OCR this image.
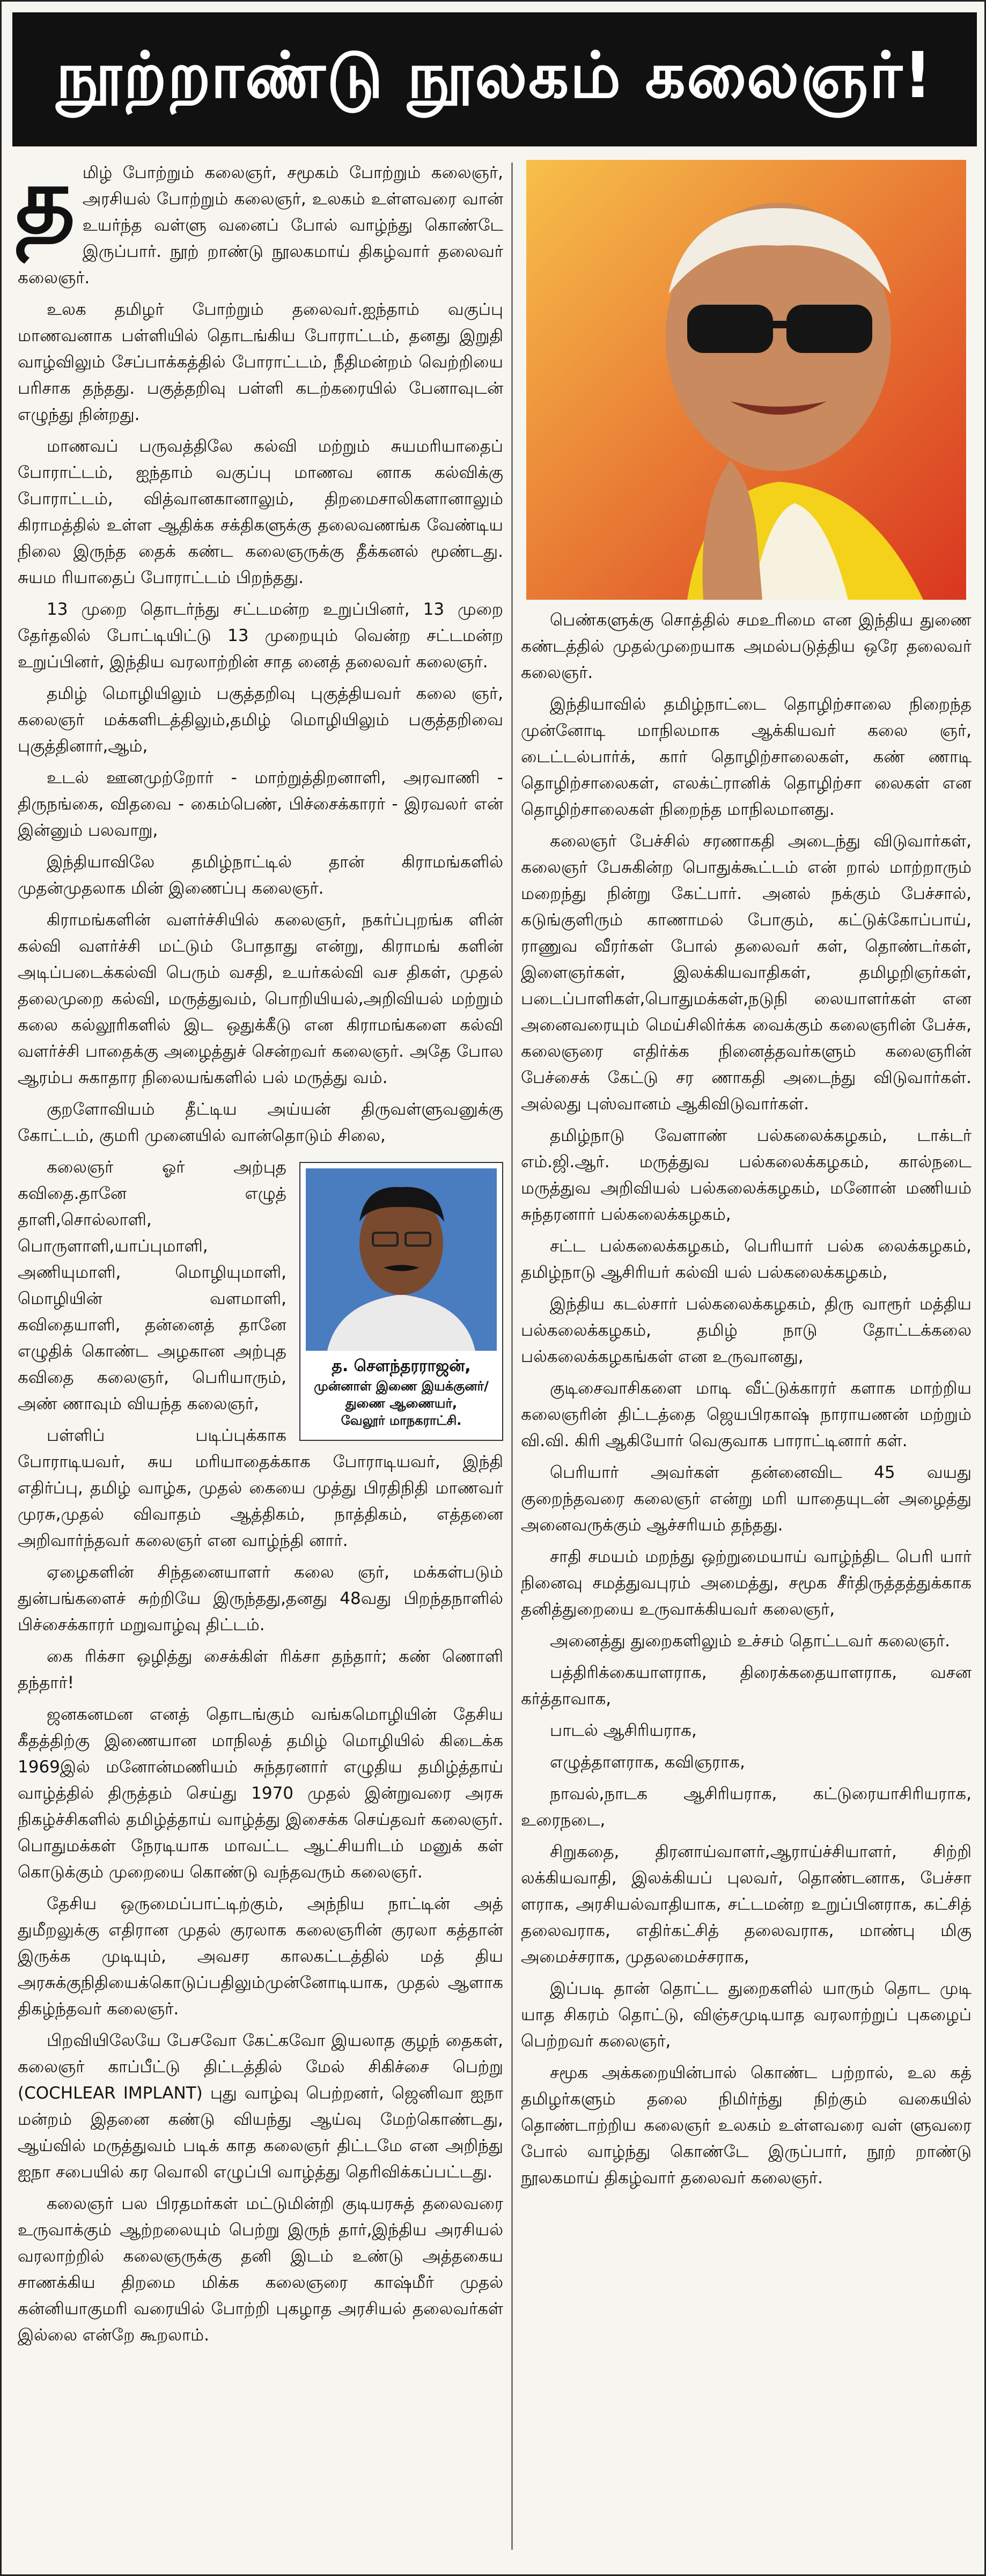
நூற்றாண்டு நூலகம் கலைஞர்!

தமிழ் போற்றும் கலைஞர், சமூகம் போற்றும் கலைஞர், அரசியல் போற்றும் கலைஞர், உலகம் உள்ளவரை வான் உயர்ந்த வள்ளு வனைப் போல் வாழ்ந்து கொண்டே இருப்பார். நூற் றாண்டு நூலகமாய் திகழ்வார் தலைவர் கலைஞர்.

உலக தமிழர் போற்றும் தலைவர்.ஐந்தாம் வகுப்பு மாணவனாக பள்ளியில் தொடங்கிய போராட்டம், தனது இறுதி வாழ்விலும் சேப்பாக்கத்தில் போராட்டம், நீதிமன்றம் வெற்றியை பரிசாக தந்தது. பகுத்தறிவு பள்ளி கடற்கரையில் பேனாவுடன் எழுந்து நின்றது.

மாணவப் பருவத்திலே கல்வி மற்றும் சுயமரியாதைப் போராட்டம், ஐந்தாம் வகுப்பு மாணவ னாக கல்விக்கு போராட்டம், வித்வானகானாலும், திறமைசாலிகளானாலும் கிராமத்தில் உள்ள ஆதிக்க சக்திகளுக்கு தலைவணங்க வேண்டிய நிலை இருந்த தைக் கண்ட கலைஞருக்கு தீக்கனல் மூண்டது. சுயம ரியாதைப் போராட்டம் பிறந்தது.

13 முறை தொடர்ந்து சட்டமன்ற உறுப்பினர், 13 முறை தேர்தலில் போட்டியிட்டு 13 முறையும் வென்ற சட்டமன்ற உறுப்பினர், இந்திய வரலாற்றின் சாத னைத் தலைவர் கலைஞர்.

தமிழ் மொழியிலும் பகுத்தறிவு புகுத்தியவர் கலை ஞர், கலைஞர் மக்களிடத்திலும்,தமிழ் மொழியிலும் பகுத்தறிவை புகுத்தினார்,ஆம்,

உடல் ஊனமுற்றோர் - மாற்றுத்திறனாளி, அரவாணி - திருநங்கை, விதவை - கைம்பெண், பிச்சைக்காரர் - இரவலர் என் இன்னும் பலவாறு,

இந்தியாவிலே தமிழ்நாட்டில் தான் கிராமங்களில் முதன்முதலாக மின் இணைப்பு கலைஞர்.

கிராமங்களின் வளர்ச்சியில் கலைஞர், நகர்ப்புறங்க ளின் கல்வி வளர்ச்சி மட்டும் போதாது என்று, கிராமங் களின் அடிப்படைக்கல்வி பெரும் வசதி, உயர்கல்வி வச திகள், முதல் தலைமுறை கல்வி, மருத்துவம், பொறியியல்,அறிவியல் மற்றும் கலை கல்லூரிகளில் இட ஒதுக்கீடு என கிராமங்களை கல்வி வளர்ச்சி பாதைக்கு அழைத்துச் சென்றவர் கலைஞர். அதே போல ஆரம்ப சுகாதார நிலையங்களில் பல் மருத்து வம்.

குறளோவியம் தீட்டிய அய்யன் திருவள்ளுவனுக்கு கோட்டம், குமரி முனையில் வான்தொடும் சிலை,

த. சௌந்தரராஜன்,
முன்னாள் இணை இயக்குனர்/ துணை ஆணையர்,
வேலூர் மாநகராட்சி.

கலைஞர் ஓர் அற்புத கவிதை.தானே எழுத் தாளி,சொல்லாளி, பொருளாளி,யாப்புமாளி, அணியுமாளி, மொழியுமாளி, மொழியின் வளமாளி, கவிதையாளி, தன்னைத் தானே எழுதிக் கொண்ட அழகான அற்புத கவிதை கலைஞர், பெரியாரும், அண் ணாவும் வியந்த கலைஞர்,

பள்ளிப் படிப்புக்காக போராடியவர், சுய மரியாதைக்காக போராடியவர், இந்தி எதிர்ப்பு, தமிழ் வாழ்க, முதல் கையை முத்து பிரதிநிதி மாணவர் முரசு,முதல் விவாதம் ஆத்திகம், நாத்திகம், எத்தனை அறிவார்ந்தவர் கலைஞர் என வாழ்ந்தி னார்.

ஏழைகளின் சிந்தனையாளர் கலை ஞர், மக்கள்படும் துன்பங்களைச் சுற்றியே இருந்தது,தனது 48வது பிறந்தநாளில் பிச்சைக்காரர் மறுவாழ்வு திட்டம்.

கை ரிக்சா ஒழித்து சைக்கிள் ரிக்சா தந்தார்; கண் ணொளி தந்தார்!

ஜனகனமன எனத் தொடங்கும் வங்கமொழியின் தேசிய கீதத்திற்கு இணையான மாநிலத் தமிழ் மொழியில் கிடைக்க 1969இல் மனோன்மணியம் சுந்தரனார் எழுதிய தமிழ்த்தாய் வாழ்த்தில் திருத்தம் செய்து 1970 முதல் இன்றுவரை அரசு நிகழ்ச்சிகளில் தமிழ்த்தாய் வாழ்த்து இசைக்க செய்தவர் கலைஞர். பொதுமக்கள் நேரடியாக மாவட்ட ஆட்சியரிடம் மனுக் கள் கொடுக்கும் முறையை கொண்டு வந்தவரும் கலைஞர்.

தேசிய ஒருமைப்பாட்டிற்கும், அந்நிய நாட்டின் அத் துமீறலுக்கு எதிரான முதல் குரலாக கலைஞரின் குரலா கத்தான் இருக்க முடியும், அவசர காலகட்டத்தில் மத் திய அரசுக்குநிதியைக்கொடுப்பதிலும்முன்னோடியாக, முதல் ஆளாக திகழ்ந்தவர் கலைஞர்.

பிறவியிலேயே பேசவோ கேட்கவோ இயலாத குழந் தைகள், கலைஞர் காப்பீட்டு திட்டத்தில் மேல் சிகிச்சை பெற்று (COCHLEAR IMPLANT) புது வாழ்வு பெற்றனர், ஜெனிவா ஐநா மன்றம் இதனை கண்டு வியந்து ஆய்வு மேற்கொண்டது, ஆய்வில் மருத்துவம் படிக் காத கலைஞர் திட்டமே என அறிந்து ஐநா சபையில் கர வொலி எழுப்பி வாழ்த்து தெரிவிக்கப்பட்டது.

கலைஞர் பல பிரதமர்கள் மட்டுமின்றி குடியரசுத் தலைவரை உருவாக்கும் ஆற்றலையும் பெற்று இருந் தார்,இந்திய அரசியல் வரலாற்றில் கலைஞருக்கு தனி இடம் உண்டு அத்தகைய சாணக்கிய திறமை மிக்க கலைஞரை காஷ்மீர் முதல் கன்னியாகுமரி வரையில் போற்றி புகழாத அரசியல் தலைவர்கள் இல்லை என்றே கூறலாம்.

பெண்களுக்கு சொத்தில் சமஉரிமை என இந்திய துணை கண்டத்தில் முதல்முறையாக அமல்படுத்திய ஒரே தலைவர் கலைஞர்.

இந்தியாவில் தமிழ்நாட்டை தொழிற்சாலை நிறைந்த முன்னோடி மாநிலமாக ஆக்கியவர் கலை ஞர், டைட்டல்பார்க், கார் தொழிற்சாலைகள், கண் ணாடி தொழிற்சாலைகள், எலக்ட்ரானிக் தொழிற்சா லைகள் என தொழிற்சாலைகள் நிறைந்த மாநிலமானது.

கலைஞர் பேச்சில் சரணாகதி அடைந்து விடுவார்கள், கலைஞர் பேசுகின்ற பொதுக்கூட்டம் என் றால் மாற்றாரும் மறைந்து நின்று கேட்பார். அனல் நக்கும் பேச்சால், கடுங்குளிரும் காணாமல் போகும், கட்டுக்கோப்பாய், ராணுவ வீரர்கள் போல் தலைவர் கள், தொண்டர்கள், இளைஞர்கள், இலக்கியவாதிகள், தமிழறிஞர்கள், படைப்பாளிகள்,பொதுமக்கள்,நடுநி லையாளர்கள் என அனைவரையும் மெய்சிலிர்க்க வைக்கும் கலைஞரின் பேச்சு, கலைஞரை எதிர்க்க நினைத்தவர்களும் கலைஞரின் பேச்சைக் கேட்டு சர ணாகதி அடைந்து விடுவார்கள். அல்லது புஸ்வானம் ஆகிவிடுவார்கள்.

தமிழ்நாடு வேளாண் பல்கலைக்கழகம், டாக்டர் எம்.ஜி.ஆர். மருத்துவ பல்கலைக்கழகம், கால்நடை மருத்துவ அறிவியல் பல்கலைக்கழகம், மனோன் மணியம் சுந்தரனார் பல்கலைக்கழகம்,

சட்ட பல்கலைக்கழகம், பெரியார் பல்க லைக்கழகம், தமிழ்நாடு ஆசிரியர் கல்வி யல் பல்கலைக்கழகம்,

இந்திய கடல்சார் பல்கலைக்கழகம், திரு வாரூர் மத்திய பல்கலைக்கழகம், தமிழ் நாடு தோட்டக்கலை பல்கலைக்கழகங்கள் என உருவானது,

குடிசைவாசிகளை மாடி வீட்டுக்காரர் களாக மாற்றிய கலைஞரின் திட்டத்தை ஜெயபிரகாஷ் நாராயணன் மற்றும் வி.வி. கிரி ஆகியோர் வெகுவாக பாராட்டினார் கள்.

பெரியார் அவர்கள் தன்னைவிட 45 வயது குறைந்தவரை கலைஞர் என்று மரி யாதையுடன் அழைத்து அனைவருக்கும் ஆச்சரியம் தந்தது.

சாதி சமயம் மறந்து ஒற்றுமையாய் வாழ்ந்திட பெரி யார் நினைவு சமத்துவபுரம் அமைத்து, சமூக சீர்திருத்தத்துக்காக தனித்துறையை உருவாக்கியவர் கலைஞர்,

அனைத்து துறைகளிலும் உச்சம் தொட்டவர் கலைஞர்.

பத்திரிக்கையாளராக, திரைக்கதையாளராக, வசன கர்த்தாவாக,

பாடல் ஆசிரியராக,

எழுத்தாளராக, கவிஞராக,

நாவல்,நாடக ஆசிரியராக, கட்டுரையாசிரியராக, உரைநடை,

சிறுகதை, திரனாய்வாளர்,ஆராய்ச்சியாளர், சிற்றி லக்கியவாதி, இலக்கியப் புலவர், தொண்டனாக, பேச்சா ளராக, அரசியல்வாதியாக, சட்டமன்ற உறுப்பினராக, கட்சித் தலைவராக, எதிர்கட்சித் தலைவராக, மாண்பு மிகு அமைச்சராக, முதலமைச்சராக,

இப்படி தான் தொட்ட துறைகளில் யாரும் தொட முடி யாத சிகரம் தொட்டு, விஞ்சமுடியாத வரலாற்றுப் புகழைப் பெற்றவர் கலைஞர்,

சமூக அக்கறையின்பால் கொண்ட பற்றால், உல கத் தமிழர்களும் தலை நிமிர்ந்து நிற்கும் வகையில் தொண்டாற்றிய கலைஞர் உலகம் உள்ளவரை வள் ளுவரை போல் வாழ்ந்து கொண்டே இருப்பார், நூற் றாண்டு நூலகமாய் திகழ்வார் தலைவர் கலைஞர்.
